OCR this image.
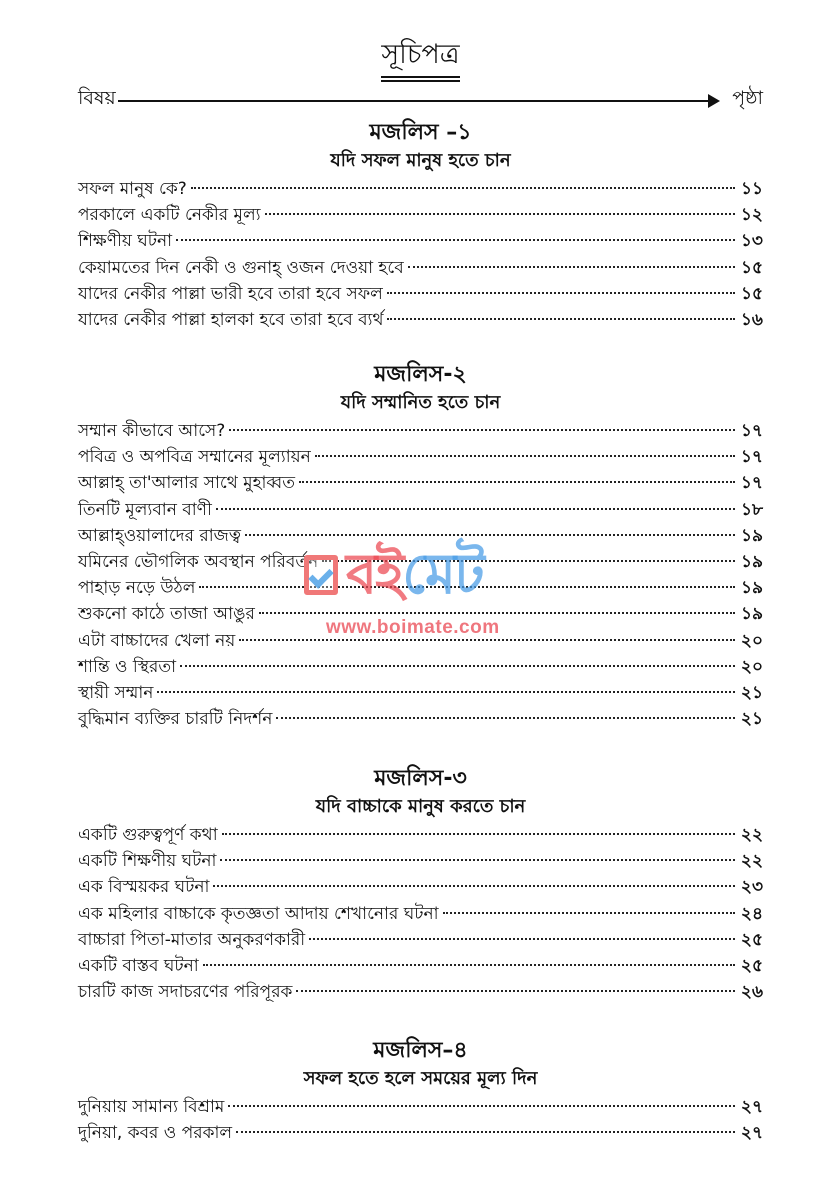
সূচিপত্র
বিষয়	পৃষ্ঠা
মজলিস –১
যদি সফল মানুষ হতে চান
সফল মানুষ কে?	১১
পরকালে একটি নেকীর মূল্য	১২
শিক্ষণীয় ঘটনা	১৩
কেয়ামতের দিন নেকী ও গুনাহ্ ওজন দেওয়া হবে	১৫
যাদের নেকীর পাল্লা ভারী হবে তারা হবে সফল	১৫
যাদের নেকীর পাল্লা হালকা হবে তারা হবে ব্যর্থ	১৬
মজলিস-২
যদি সম্মানিত হতে চান
সম্মান কীভাবে আসে?	১৭
পবিত্র ও অপবিত্র সম্মানের মূল্যায়ন	১৭
আল্লাহ্ তা'আলার সাথে মুহাব্বত	১৭
তিনটি মূল্যবান বাণী	১৮
আল্লাহ্ওয়ালাদের রাজত্ব	১৯
যমিনের ভৌগলিক অবস্থান পরিবর্তন	১৯
পাহাড় নড়ে উঠল	১৯
শুকনো কাঠে তাজা আঙুর	১৯
এটা বাচ্চাদের খেলা নয়	২০
শান্তি ও স্থিরতা	২০
স্থায়ী সম্মান	২১
বুদ্ধিমান ব্যক্তির চারটি নিদর্শন	২১
মজলিস-৩
যদি বাচ্চাকে মানুষ করতে চান
একটি গুরুত্বপূর্ণ কথা	২২
একটি শিক্ষণীয় ঘটনা	২২
এক বিস্ময়কর ঘটনা	২৩
এক মহিলার বাচ্চাকে কৃতজ্ঞতা আদায় শেখানোর ঘটনা	২৪
বাচ্চারা পিতা-মাতার অনুকরণকারী	২৫
একটি বাস্তব ঘটনা	২৫
চারটি কাজ সদাচরণের পরিপূরক	২৬
মজলিস–৪
সফল হতে হলে সময়ের মূল্য দিন
দুনিয়ায় সামান্য বিশ্রাম	২৭
দুনিয়া, কবর ও পরকাল	২৭
বই মেট
www.boimate.com
